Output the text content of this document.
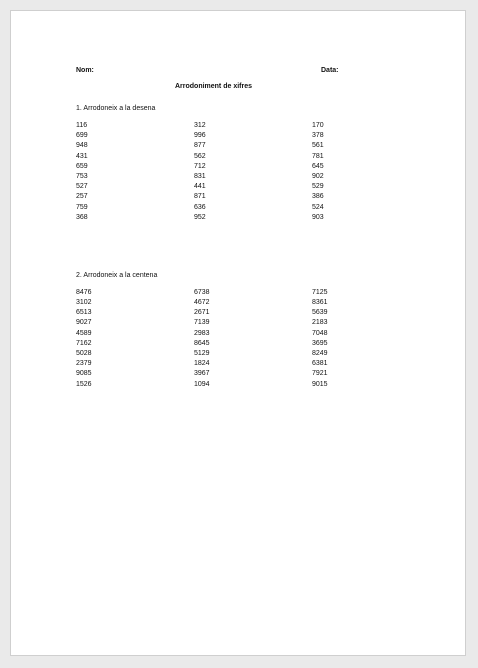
Nom:	Data:
Arrodoniment de xifres
1. Arrodoneix a la desena
116	312	170
699	996	378
948	877	561
431	562	781
659	712	645
753	831	902
527	441	529
257	871	386
759	636	524
368	952	903
2. Arrodoneix a la centena
8476	6738	7125
3102	4672	8361
6513	2671	5639
9027	7139	2183
4589	2983	7048
7162	8645	3695
5028	5129	8249
2379	1824	6381
9085	3967	7921
1526	1094	9015
